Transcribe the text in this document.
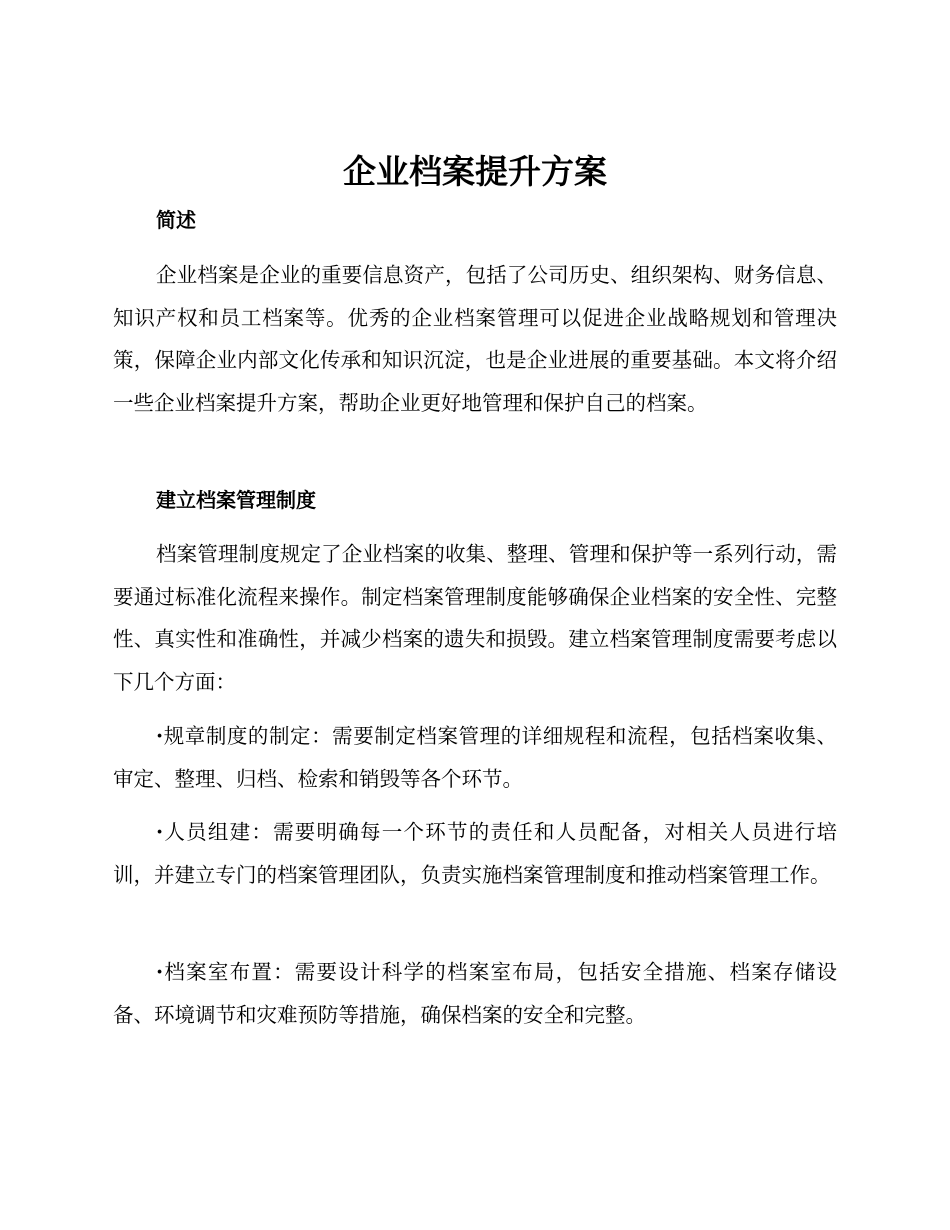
企业档案提升方案
简述

企业档案是企业的重要信息资产，包括了公司历史、组织架构、财务信息、知识产权和员工档案等。优秀的企业档案管理可以促进企业战略规划和管理决策，保障企业内部文化传承和知识沉淀，也是企业进展的重要基础。本文将介绍一些企业档案提升方案，帮助企业更好地管理和保护自己的档案。

建立档案管理制度

档案管理制度规定了企业档案的收集、整理、管理和保护等一系列行动，需要通过标准化流程来操作。制定档案管理制度能够确保企业档案的安全性、完整性、真实性和准确性，并减少档案的遗失和损毁。建立档案管理制度需要考虑以下几个方面：

·规章制度的制定：需要制定档案管理的详细规程和流程，包括档案收集、审定、整理、归档、检索和销毁等各个环节。

·人员组建：需要明确每一个环节的责任和人员配备，对相关人员进行培训，并建立专门的档案管理团队，负责实施档案管理制度和推动档案管理工作。

·档案室布置：需要设计科学的档案室布局，包括安全措施、档案存储设备、环境调节和灾难预防等措施，确保档案的安全和完整。
